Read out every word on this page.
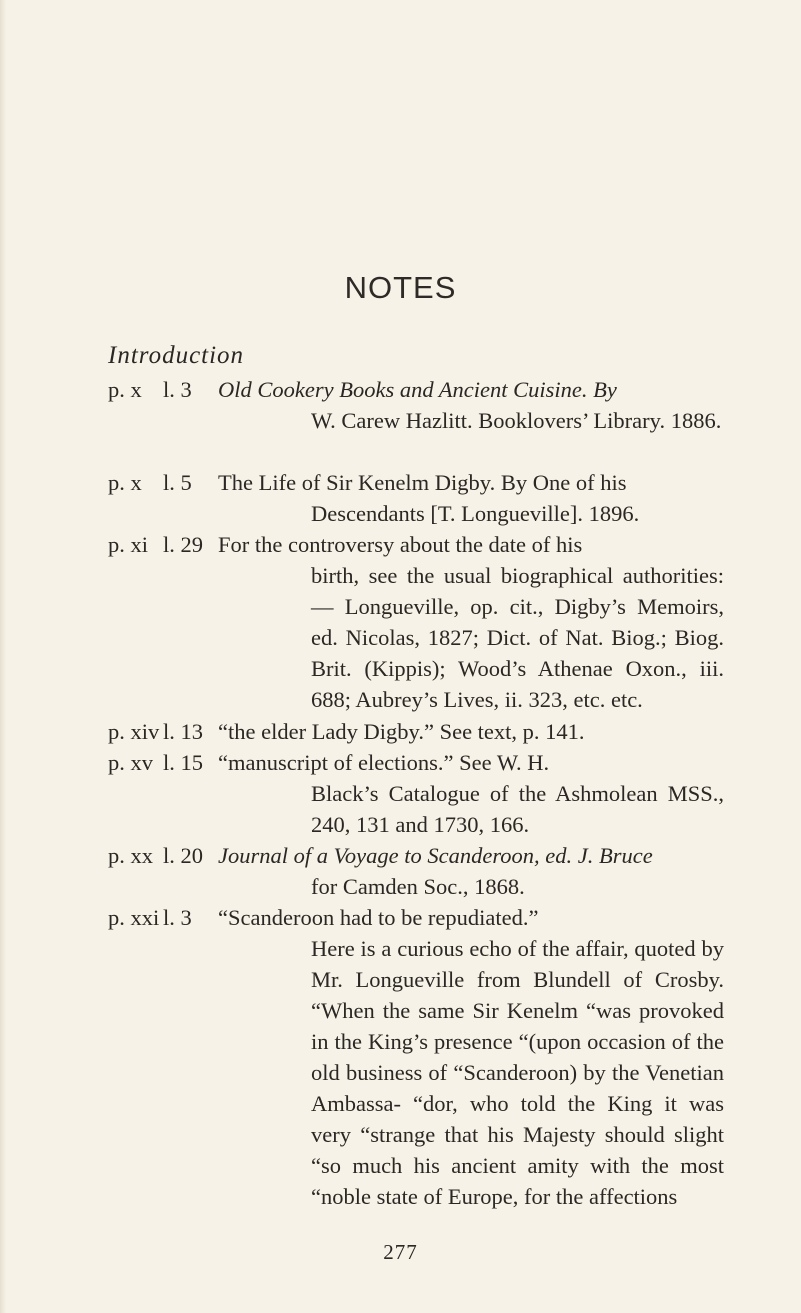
NOTES
Introduction
p. x l. 3 Old Cookery Books and Ancient Cuisine. By
W. Carew Hazlitt. Booklovers’ Library. 1886.
p. x l. 5 The Life of Sir Kenelm Digby. By One of his
Descendants [T. Longueville]. 1896.
p. xi l. 29 For the controversy about the date of his
birth, see the usual biographical authorities: — Longueville, op. cit., Digby’s Memoirs, ed. Nicolas, 1827; Dict. of Nat. Biog.; Biog. Brit. (Kippis); Wood’s Athenae Oxon., iii. 688; Aubrey’s Lives, ii. 323, etc. etc.
p. xiv l. 13 “the elder Lady Digby.” See text, p. 141.
p. xv l. 15 “manuscript of elections.” See W. H.
Black’s Catalogue of the Ashmolean MSS., 240, 131 and 1730, 166.
p. xx l. 20 Journal of a Voyage to Scanderoon, ed. J. Bruce
for Camden Soc., 1868.
p. xxi l. 3 “Scanderoon had to be repudiated.”
Here is a curious echo of the affair, quoted by Mr. Longueville from Blundell of Crosby. “When the same Sir Kenelm “was provoked in the King’s presence “(upon occasion of the old business of “Scanderoon) by the Venetian Ambassa- “dor, who told the King it was very “strange that his Majesty should slight “so much his ancient amity with the most “noble state of Europe, for the affections
277
